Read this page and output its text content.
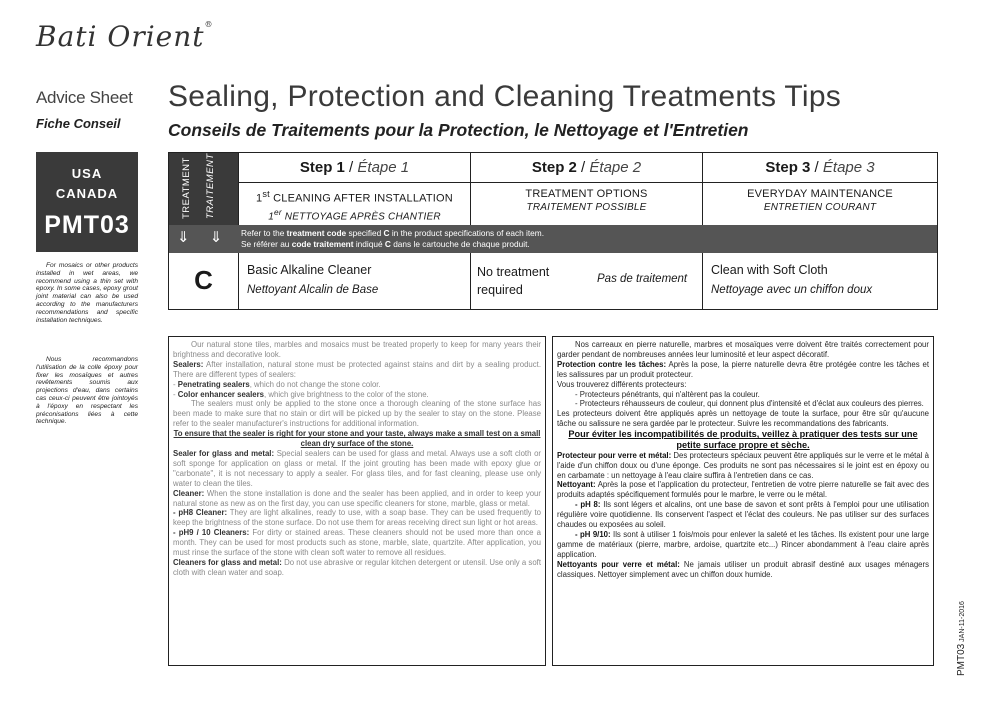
Bati Orient®
Advice Sheet
Fiche Conseil
USA
CANADA
PMT03
For mosaics or other products installed in wet areas, we recommend using a thin set with epoxy. In some cases, epoxy grout joint material can also be used according to the manufacturers recommendations and specific installation techniques.
Nous recommandons l'utilisation de la colle époxy pour fixer les mosaïques et autres revêtements soumis aux projections d'eau, dans certains cas ceux-ci peuvent être jointoyés à l'époxy en respectant les préconisations liées à cette technique.
Sealing, Protection and Cleaning Treatments Tips
Conseils de Traitements pour la Protection, le Nettoyage et l'Entretien
TREATMENT TRAITEMENT	Step 1 / Étape 1
1st CLEANING AFTER INSTALLATION
1er NETTOYAGE APRÈS CHANTIER
Step 2 / Étape 2
TREATMENT OPTIONS
TRAITEMENT POSSIBLE
Step 3 / Étape 3
EVERYDAY MAINTENANCE
ENTRETIEN COURANT
⇓ ⇓ Refer to the treatment code specified C in the product specifications of each item.
Se référer au code traitement indiqué C dans le cartouche de chaque produit.
C	Basic Alkaline Cleaner
Nettoyant Alcalin de Base
No treatment required
Pas de traitement
Clean with Soft Cloth
Nettoyage avec un chiffon doux

Our natural stone tiles, marbles and mosaics must be treated properly to keep for many years their brightness and decorative look.

Sealers: After installation, natural stone must be protected against stains and dirt by a sealing product. There are different types of sealers:

- Penetrating sealers, which do not change the stone color.

- Color enhancer sealers, which give brightness to the color of the stone.

The sealers must only be applied to the stone once a thorough cleaning of the stone surface has been made to make sure that no stain or dirt will be picked up by the sealer to stay on the stone. Please refer to the sealer manufacturer's instructions for additional information.

To ensure that the sealer is right for your stone and your taste, always make a small test on a small clean dry surface of the stone.

Sealer for glass and metal: Special sealers can be used for glass and metal. Always use a soft cloth or soft sponge for application on glass or metal. If the joint grouting has been made with epoxy glue or "carbonate", it is not necessary to apply a sealer. For glass tiles, and for fast cleaning, please use only water to clean the tiles.

Cleaner: When the stone installation is done and the sealer has been applied, and in order to keep your natural stone as new as on the first day, you can use specific cleaners for stone, marble, glass or metal.

- pH8 Cleaner: They are light alkalines, ready to use, with a soap base. They can be used frequently to keep the brightness of the stone surface. Do not use them for areas receiving direct sun light or hot areas.

- pH9 / 10 Cleaners: For dirty or stained areas. These cleaners should not be used more than once a month. They can be used for most products such as stone, marble, slate, quartzite. After application, you must rinse the surface of the stone with clean soft water to remove all residues.

Cleaners for glass and metal: Do not use abrasive or regular kitchen detergent or utensil. Use only a soft cloth with clean water and soap.

Nos carreaux en pierre naturelle, marbres et mosaïques verre doivent être traités correctement pour garder pendant de nombreuses années leur luminosité et leur aspect décoratif.

Protection contre les tâches: Après la pose, la pierre naturelle devra être protégée contre les tâches et les salissures par un produit protecteur.

Vous trouverez différents protecteurs:

- Protecteurs pénétrants, qui n'altèrent pas la couleur.

- Protecteurs réhausseurs de couleur, qui donnent plus d'intensité et d'éclat aux couleurs des pierres.

Les protecteurs doivent être appliqués après un nettoyage de toute la surface, pour être sûr qu'aucune tâche ou salissure ne sera gardée par le protecteur. Suivre les recommandations des fabricants.

Pour éviter les incompatibilités de produits, veillez à pratiquer des tests sur une petite surface propre et sèche.

Protecteur pour verre et métal: Des protecteurs spéciaux peuvent être appliqués sur le verre et le métal à l'aide d'un chiffon doux ou d'une éponge. Ces produits ne sont pas nécessaires si le joint est en époxy ou en carbamate : un nettoyage à l'eau claire suffira à l'entretien dans ce cas.

Nettoyant: Après la pose et l'application du protecteur, l'entretien de votre pierre naturelle se fait avec des produits adaptés spécifiquement formulés pour le marbre, le verre ou le métal.

- pH 8: Ils sont légers et alcalins, ont une base de savon et sont prêts à l'emploi pour une utilisation régulière voire quotidienne. Ils conservent l'aspect et l'éclat des couleurs. Ne pas utiliser sur des surfaces chaudes ou exposées au soleil.

- pH 9/10: Ils sont à utiliser 1 fois/mois pour enlever la saleté et les tâches. Ils existent pour une large gamme de matériaux (pierre, marbre, ardoise, quartzite etc...) Rincer abondamment à l'eau claire après application.

Nettoyants pour verre et métal: Ne jamais utiliser un produit abrasif destiné aux usages ménagers classiques. Nettoyer simplement avec un chiffon doux humide.

PMT03 JAN-11-2016
